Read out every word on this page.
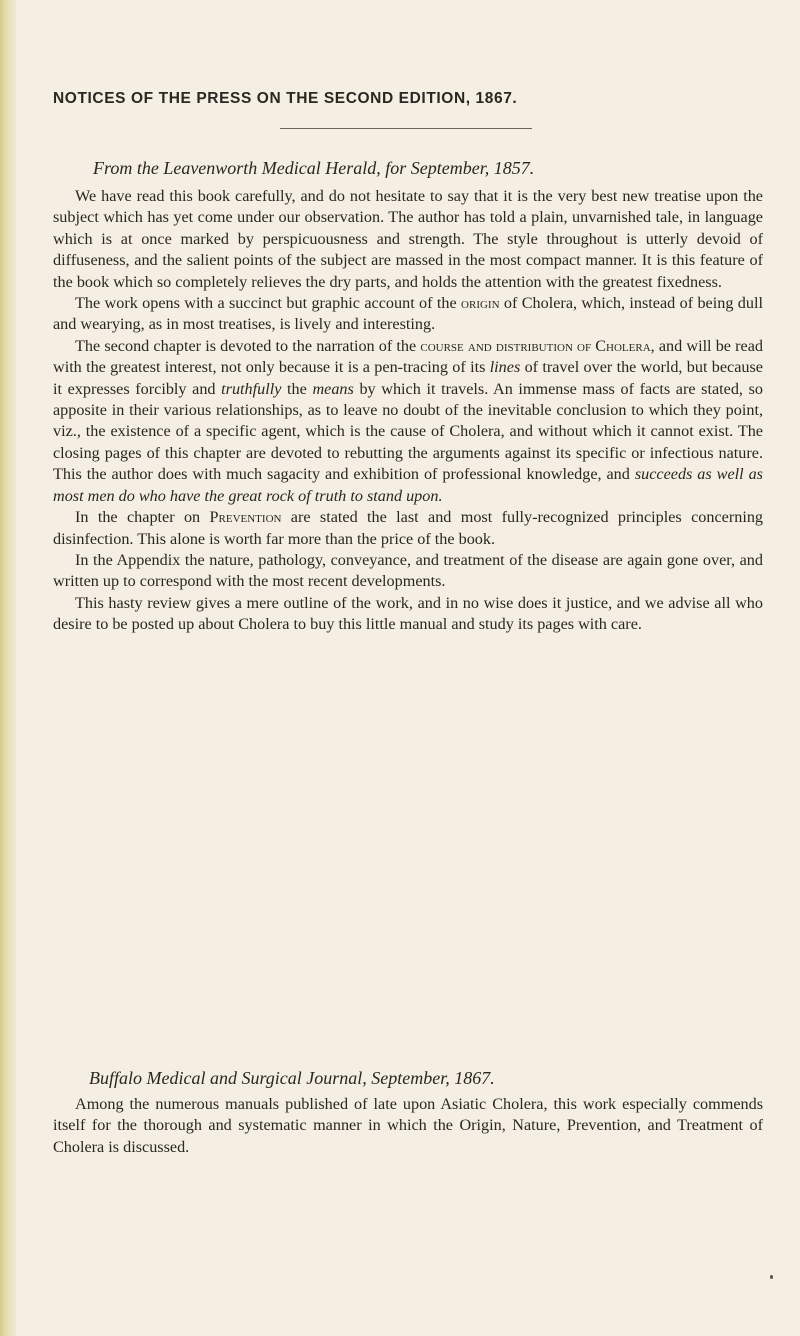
NOTICES OF THE PRESS ON THE SECOND EDITION, 1867.
From the Leavenworth Medical Herald, for September, 1857.

We have read this book carefully, and do not hesitate to say that it is the very best new treatise upon the subject which has yet come under our observation. The author has told a plain, unvarnished tale, in language which is at once marked by perspicuousness and strength. The style throughout is utterly devoid of diffuseness, and the salient points of the subject are massed in the most compact manner. It is this feature of the book which so completely relieves the dry parts, and holds the attention with the greatest fixedness.

The work opens with a succinct but graphic account of the origin of Cholera, which, instead of being dull and wearying, as in most treatises, is lively and interesting.

The second chapter is devoted to the narration of the course and distribution of Cholera, and will be read with the greatest interest, not only because it is a pen-tracing of its lines of travel over the world, but because it expresses forcibly and truthfully the means by which it travels. An immense mass of facts are stated, so apposite in their various relationships, as to leave no doubt of the inevitable conclusion to which they point, viz., the existence of a specific agent, which is the cause of Cholera, and without which it cannot exist. The closing pages of this chapter are devoted to rebutting the arguments against its specific or infectious nature. This the author does with much sagacity and exhibition of professional knowledge, and succeeds as well as most men do who have the great rock of truth to stand upon.

In the chapter on Prevention are stated the last and most fully-recognized principles concerning disinfection. This alone is worth far more than the price of the book.

In the Appendix the nature, pathology, conveyance, and treatment of the disease are again gone over, and written up to correspond with the most recent developments.

This hasty review gives a mere outline of the work, and in no wise does it justice, and we advise all who desire to be posted up about Cholera to buy this little manual and study its pages with care.

Buffalo Medical and Surgical Journal, September, 1867.

Among the numerous manuals published of late upon Asiatic Cholera, this work especially commends itself for the thorough and systematic manner in which the Origin, Nature, Prevention, and Treatment of Cholera is discussed.
